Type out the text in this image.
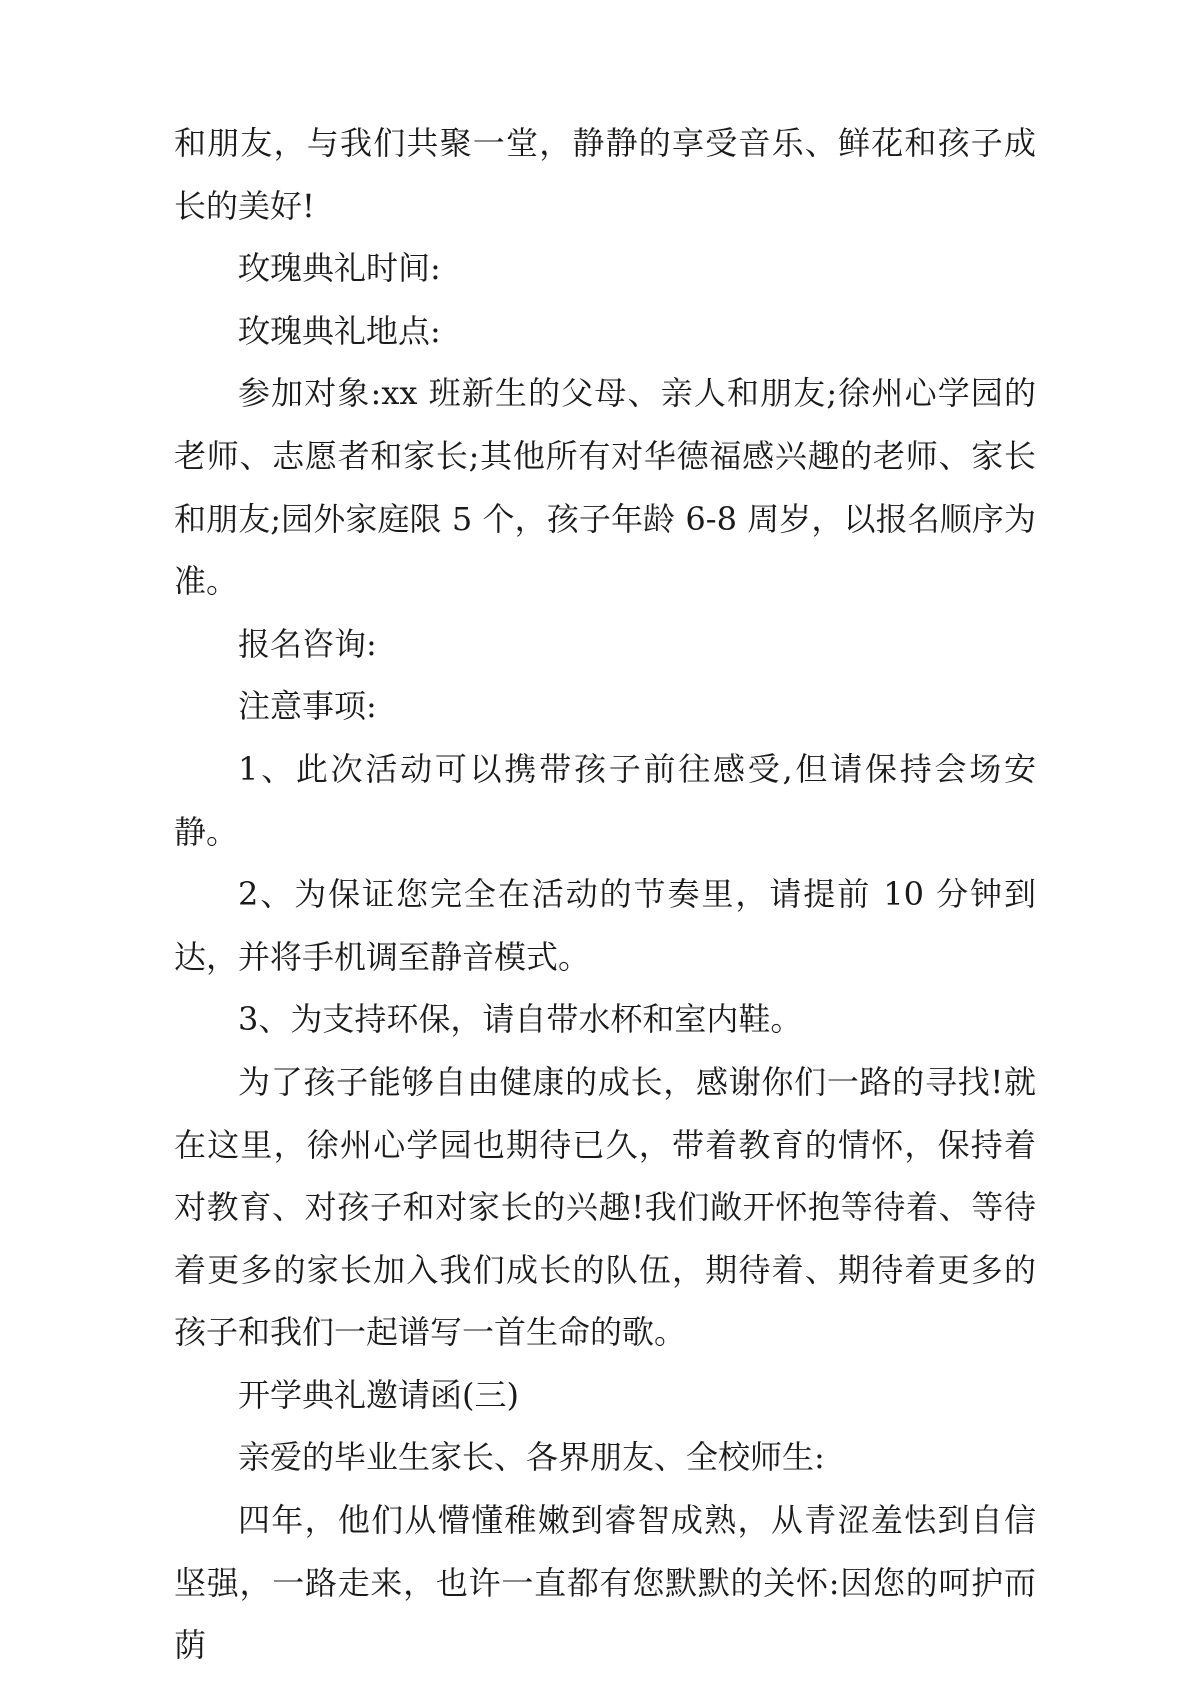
和朋友，与我们共聚一堂，静静的享受音乐、鲜花和孩子成长的美好!

玫瑰典礼时间:

玫瑰典礼地点:

参加对象:xx 班新生的父母、亲人和朋友;徐州心学园的老师、志愿者和家长;其他所有对华德福感兴趣的老师、家长和朋友;园外家庭限 5 个，孩子年龄 6-8 周岁，以报名顺序为准。

报名咨询:

注意事项:

1、此次活动可以携带孩子前往感受,但请保持会场安静。

2、为保证您完全在活动的节奏里，请提前 10 分钟到达，并将手机调至静音模式。

3、为支持环保，请自带水杯和室内鞋。

为了孩子能够自由健康的成长，感谢你们一路的寻找!就在这里，徐州心学园也期待已久，带着教育的情怀，保持着对教育、对孩子和对家长的兴趣!我们敞开怀抱等待着、等待着更多的家长加入我们成长的队伍，期待着、期待着更多的孩子和我们一起谱写一首生命的歌。

开学典礼邀请函(三)

亲爱的毕业生家长、各界朋友、全校师生:

四年，他们从懵懂稚嫩到睿智成熟，从青涩羞怯到自信坚强，一路走来，也许一直都有您默默的关怀:因您的呵护而荫
